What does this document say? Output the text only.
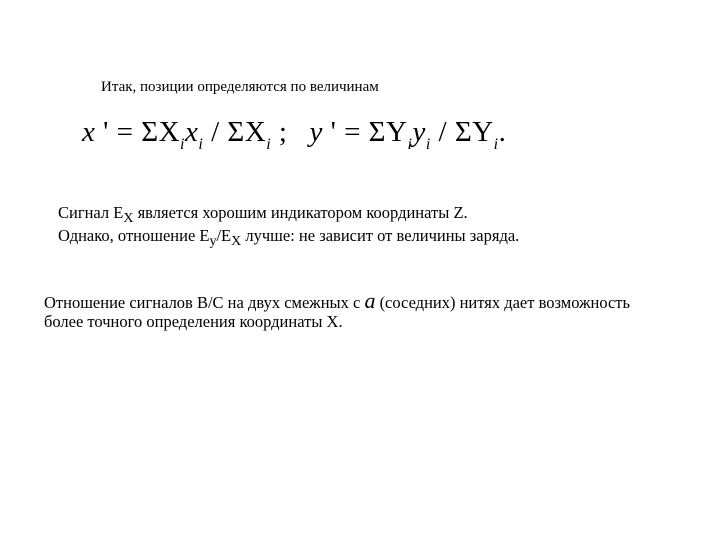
Итак, позиции определяются по величинам
x ' = $\Sigma X_ix_i / \Sigma X_i$ ; y ' = $\Sigma Y_iy_i / \Sigma Y_i$.
Сигнал $E_X$ является хорошим индикатором координаты Z.
Однако, отношение $E_y/E_X$ лучше: не зависит от величины заряда.
Отношение сигналов B/C на двух смежных с a (соседних) нитях дает возможность
более точного определения координаты X.
